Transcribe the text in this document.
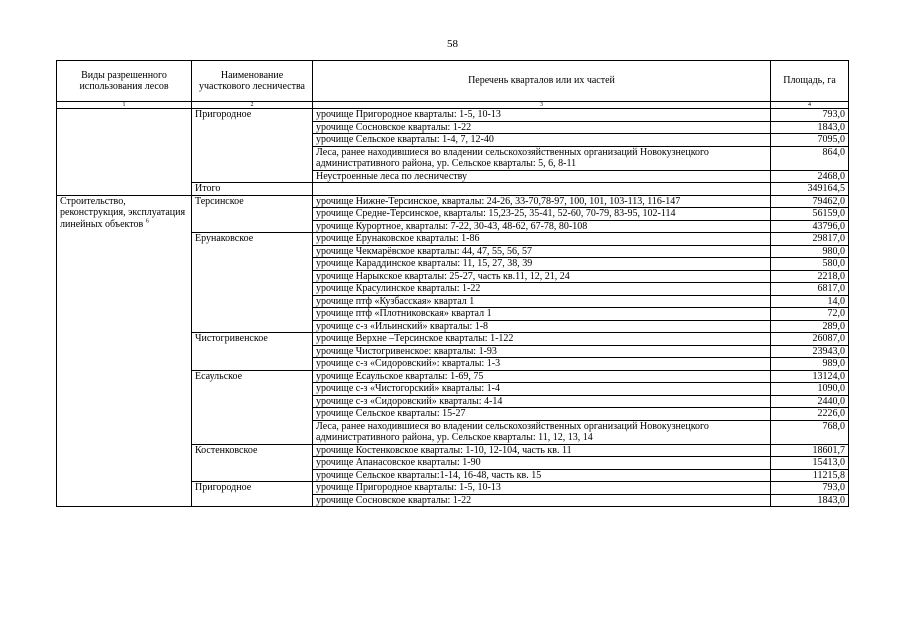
58
Виды разрешенного использования лесов	Наименование участкового лесничества	Перечень кварталов или их частей	Площадь, га
1	2	3	4
	Пригородное	урочище Пригородное кварталы: 1-5, 10-13	793,0
		урочище Сосновское кварталы: 1-22	1843,0
		урочище Сельское кварталы: 1-4, 7, 12-40	7095,0
		Леса, ранее находившиеся во владении сельскохозяйственных организаций Новокузнецкого административного района, ур. Сельское кварталы: 5, 6, 8-11	864,0
		Неустроенные леса по лесничеству	2468,0
	Итого		349164,5
Строительство, реконструкция, эксплуатация линейных объектов $^6$	Терсинское	урочище Нижне-Терсинское, кварталы: 24-26, 33-70,78-97, 100, 101, 103-113, 116-147	79462,0
		урочище Средне-Терсинское, кварталы: 15,23-25, 35-41, 52-60, 70-79, 83-95, 102-114	56159,0
		урочище Курортное, кварталы: 7-22, 30-43, 48-62, 67-78, 80-108	43796,0
	Ерунаковское	урочище Ерунаковское кварталы: 1-86	29817,0
		урочище Чекмарёвское кварталы: 44, 47, 55, 56, 57	980,0
		урочище Караддинское кварталы: 11, 15, 27, 38, 39	580,0
		урочище Нарыкское кварталы: 25-27, часть кв.11, 12, 21, 24	2218,0
		урочище Красулинское кварталы: 1-22	6817,0
		урочище птф «Кузбасская» квартал 1	14,0
		урочище птф «Плотниковская» квартал 1	72,0
		урочище с-з «Ильинский» кварталы: 1-8	289,0
	Чистогривенское	урочище Верхне –Терсинское кварталы: 1-122	26087,0
		урочище Чистогривенское: кварталы: 1-93	23943,0
		урочище с-з «Сидоровский»: кварталы: 1-3	989,0
	Есаульское	урочище Есаульское кварталы: 1-69, 75	13124,0
		урочище с-з «Чистогорский» кварталы: 1-4	1090,0
		урочище с-з «Сидоровский» кварталы: 4-14	2440,0
		урочище Сельское кварталы: 15-27	2226,0
		Леса, ранее находившиеся во владении сельскохозяйственных организаций Новокузнецкого административного района, ур. Сельское кварталы: 11, 12, 13, 14	768,0
	Костенковское	урочище Костенковское кварталы: 1-10, 12-104, часть кв. 11	18601,7
		урочище Апанасовское кварталы: 1-90	15413,0
		урочище Сельское кварталы:1-14, 16-48, часть кв. 15	11215,8
	Пригородное	урочище Пригородное кварталы: 1-5, 10-13	793,0
		урочище Сосновское кварталы: 1-22	1843,0
